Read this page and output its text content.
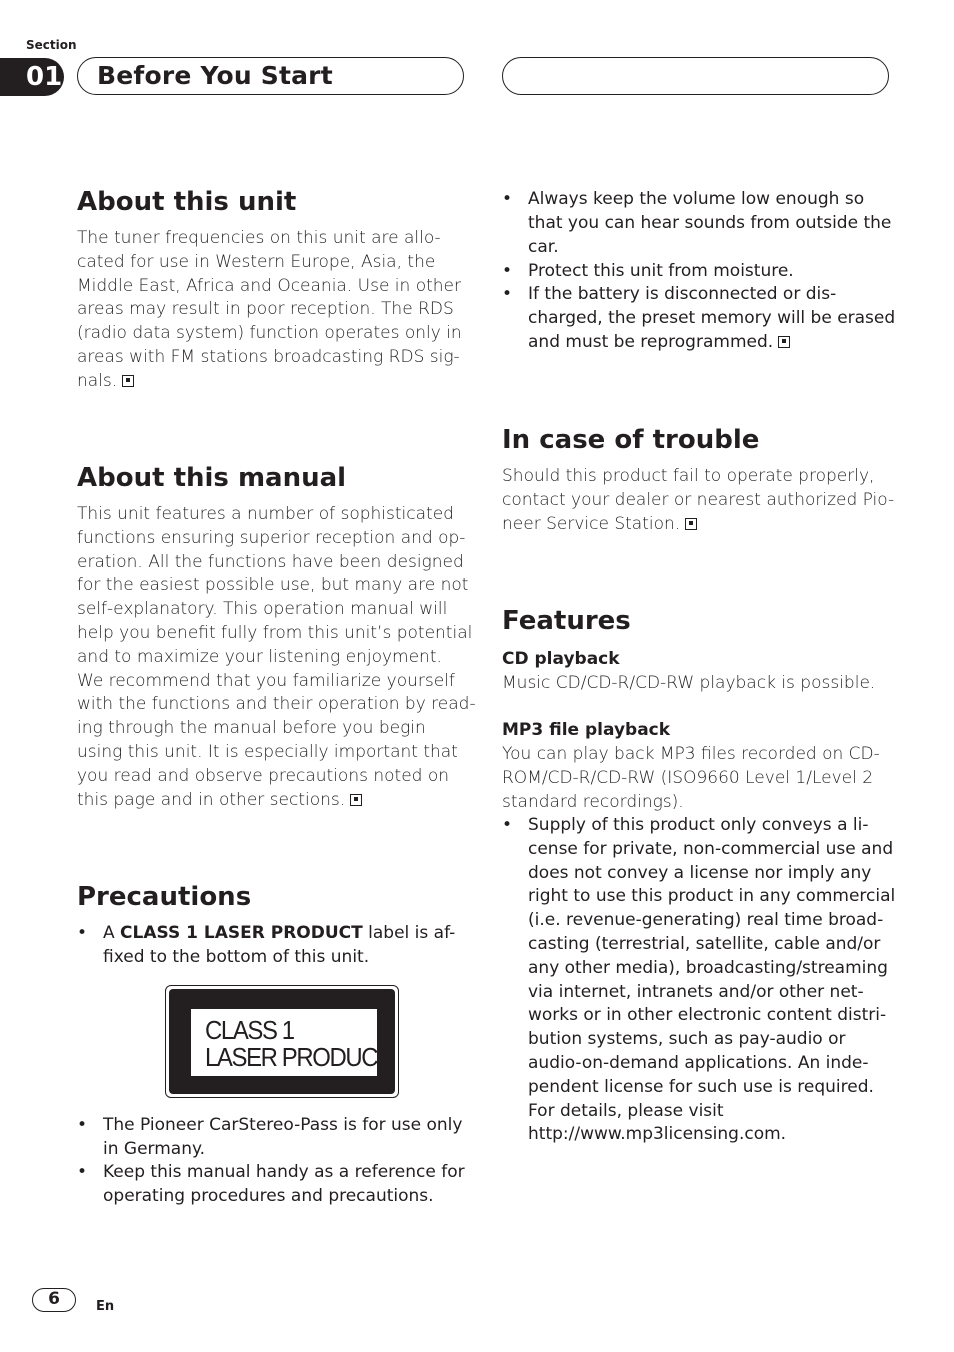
Section
01 Before You Start
About this unit
The tuner frequencies on this unit are allo-
cated for use in Western Europe, Asia, the
Middle East, Africa and Oceania. Use in other
areas may result in poor reception. The RDS
(radio data system) function operates only in
areas with FM stations broadcasting RDS sig-
nals.
About this manual
This unit features a number of sophisticated
functions ensuring superior reception and op-
eration. All the functions have been designed
for the easiest possible use, but many are not
self-explanatory. This operation manual will
help you benefit fully from this unit’s potential
and to maximize your listening enjoyment.
We recommend that you familiarize yourself
with the functions and their operation by read-
ing through the manual before you begin
using this unit. It is especially important that
you read and observe precautions noted on
this page and in other sections.
Precautions
• A CLASS 1 LASER PRODUCT label is af-
fixed to the bottom of this unit.
CLASS 1
LASER PRODUCT
• The Pioneer CarStereo-Pass is for use only
in Germany.
• Keep this manual handy as a reference for
operating procedures and precautions.
• Always keep the volume low enough so
that you can hear sounds from outside the
car.
• Protect this unit from moisture.
• If the battery is disconnected or dis-
charged, the preset memory will be erased
and must be reprogrammed.
In case of trouble
Should this product fail to operate properly,
contact your dealer or nearest authorized Pio-
neer Service Station.
Features
CD playback
Music CD/CD-R/CD-RW playback is possible.
MP3 file playback
You can play back MP3 files recorded on CD-
ROM/CD-R/CD-RW (ISO9660 Level 1/Level 2
standard recordings).
• Supply of this product only conveys a li-
cense for private, non-commercial use and
does not convey a license nor imply any
right to use this product in any commercial
(i.e. revenue-generating) real time broad-
casting (terrestrial, satellite, cable and/or
any other media), broadcasting/streaming
via internet, intranets and/or other net-
works or in other electronic content distri-
bution systems, such as pay-audio or
audio-on-demand applications. An inde-
pendent license for such use is required.
For details, please visit
http://www.mp3licensing.com.
6	En
